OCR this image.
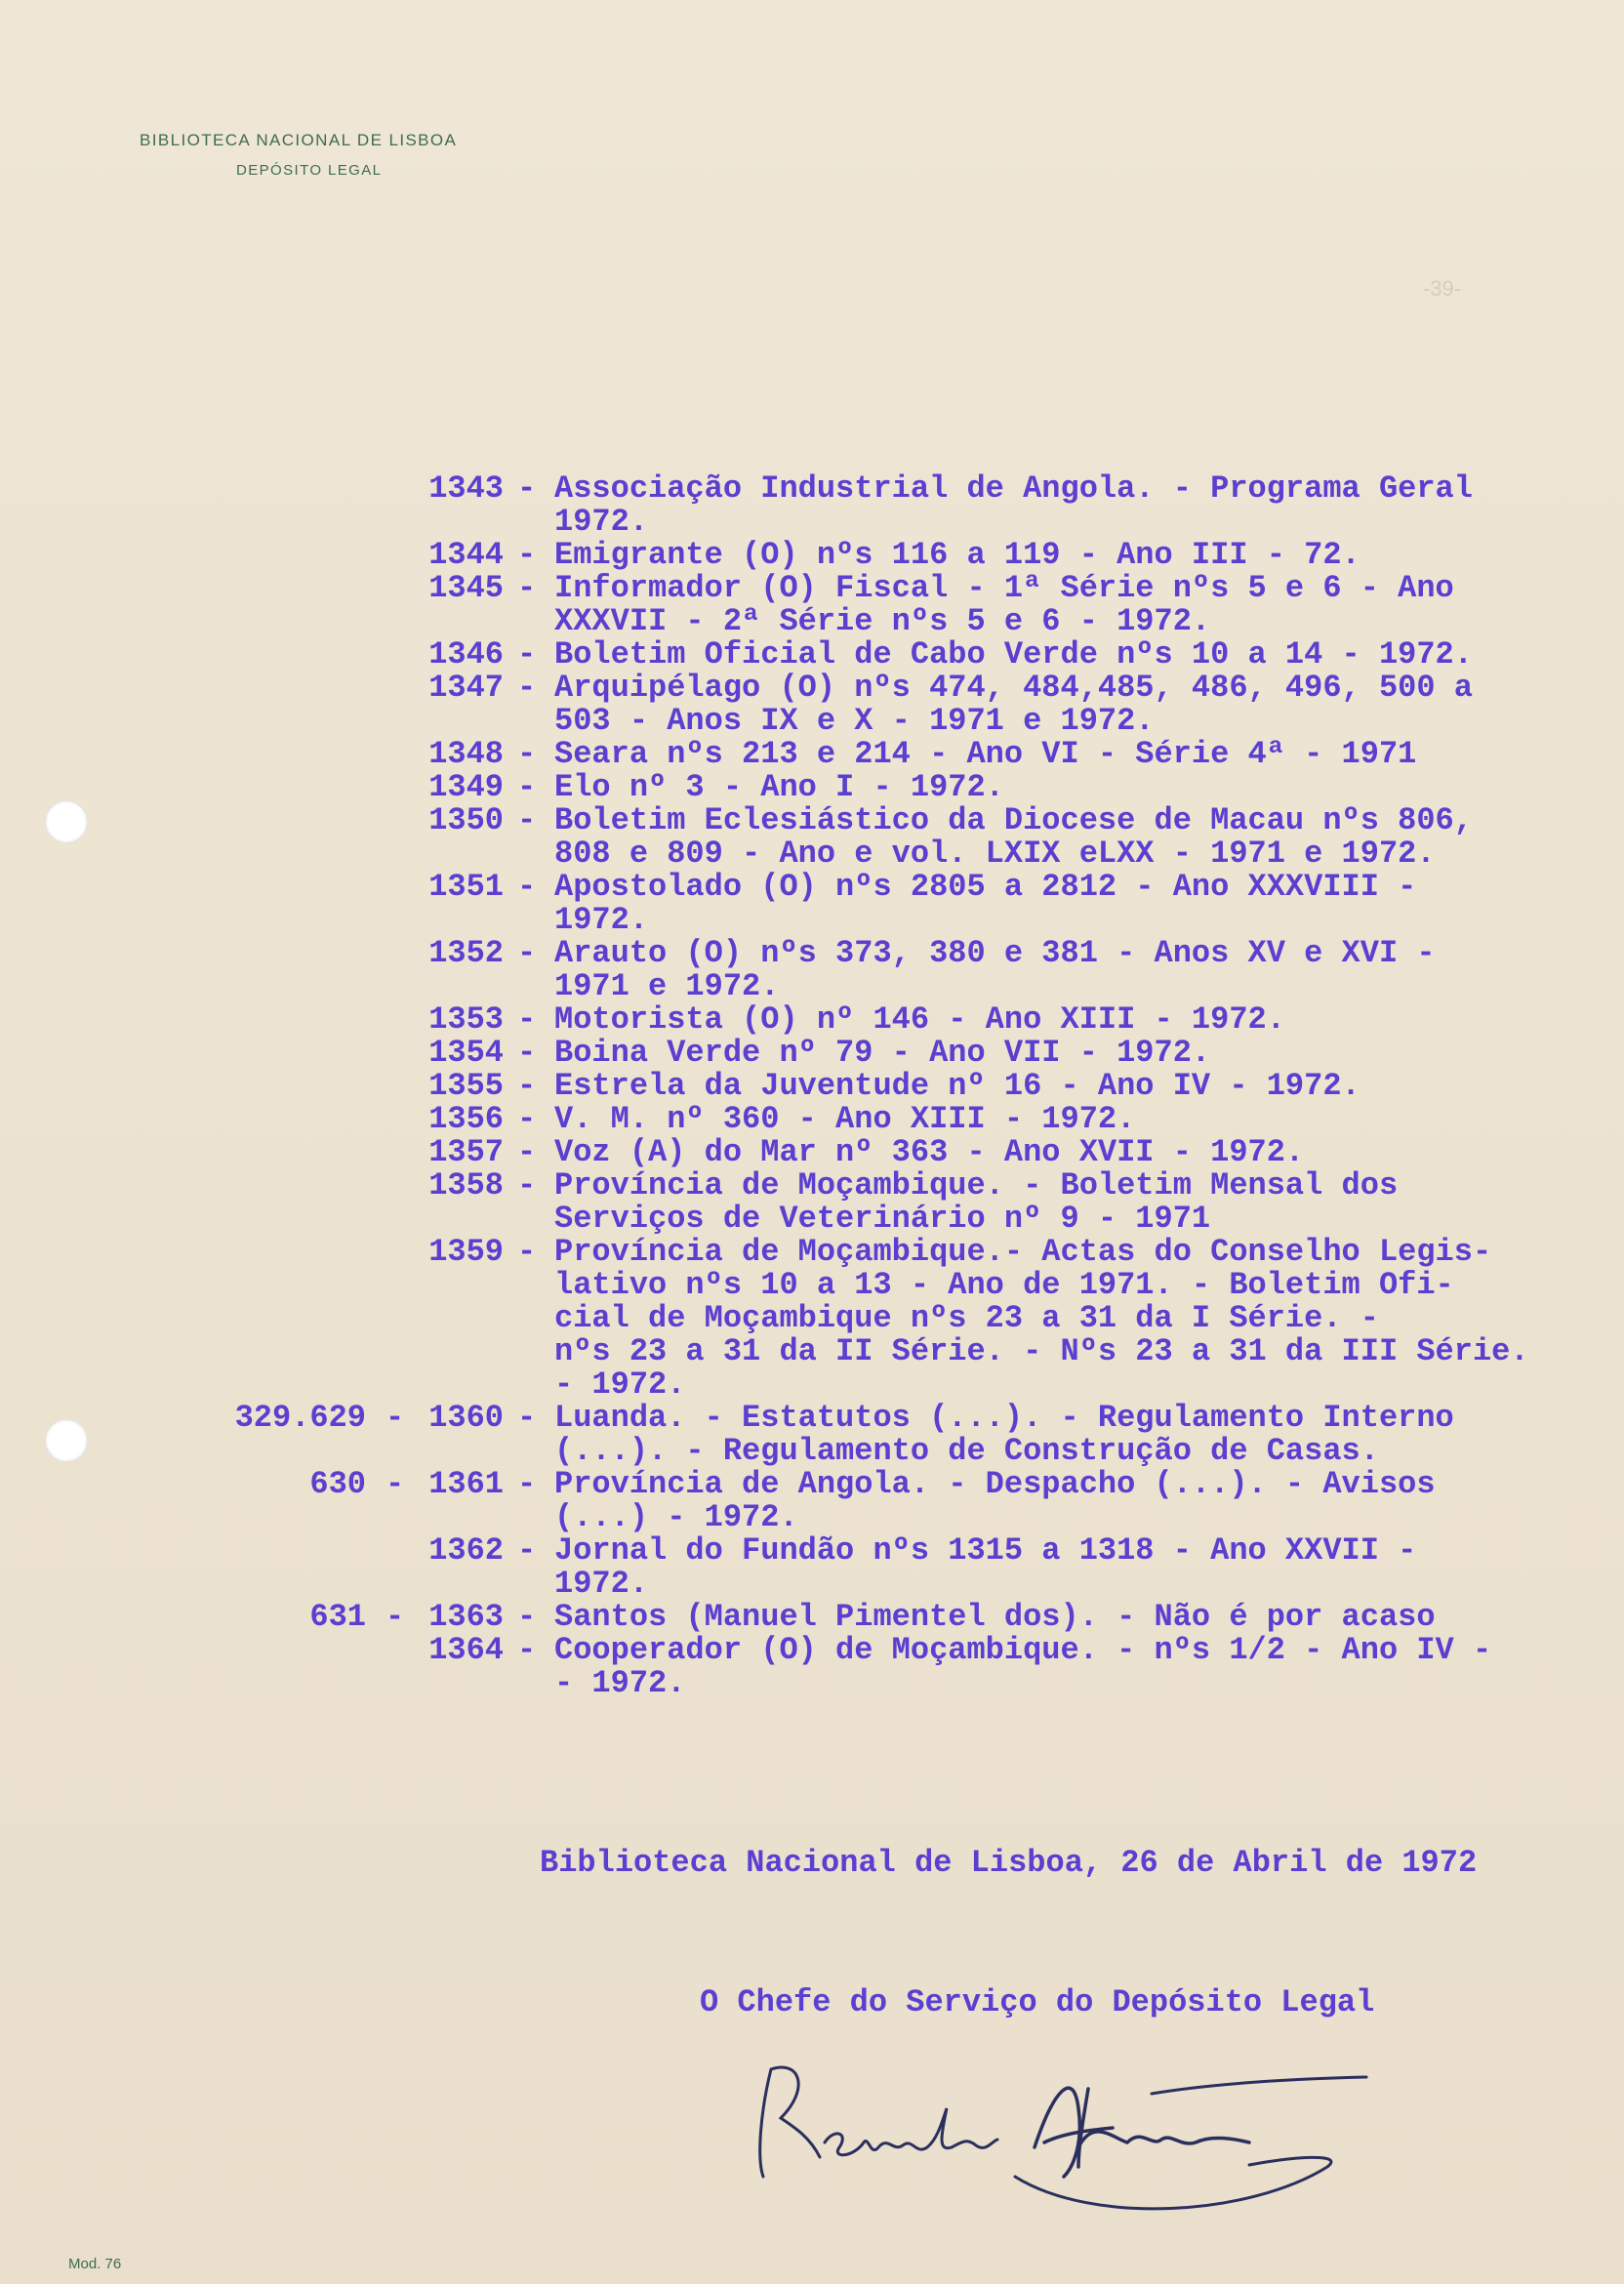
BIBLIOTECA NACIONAL DE LISBOA
DEPÓSITO LEGAL
-39-
1343 - Associação Industrial de Angola. - Programa Geral
1972.
1344 - Emigrante (O) nºs 116 a 119 - Ano III - 72.
1345 - Informador (O) Fiscal - 1ª Série nºs 5 e 6 - Ano
XXXVII - 2ª Série nºs 5 e 6 - 1972.
1346 - Boletim Oficial de Cabo Verde nºs 10 a 14 - 1972.
1347 - Arquipélago (O) nºs 474, 484,485, 486, 496, 500 a
503 - Anos IX e X - 1971 e 1972.
1348 - Seara nºs 213 e 214 - Ano VI - Série 4ª - 1971
1349 - Elo nº 3 - Ano I - 1972.
1350 - Boletim Eclesiástico da Diocese de Macau nºs 806,
808 e 809 - Ano e vol. LXIX eLXX - 1971 e 1972.
1351 - Apostolado (O) nºs 2805 a 2812 - Ano XXXVIII -
1972.
1352 - Arauto (O) nºs 373, 380 e 381 - Anos XV e XVI -
1971 e 1972.
1353 - Motorista (O) nº 146 - Ano XIII - 1972.
1354 - Boina Verde nº 79 - Ano VII - 1972.
1355 - Estrela da Juventude nº 16 - Ano IV - 1972.
1356 - V. M. nº 360 - Ano XIII - 1972.
1357 - Voz (A) do Mar nº 363 - Ano XVII - 1972.
1358 - Província de Moçambique. - Boletim Mensal dos
Serviços de Veterinário nº 9 - 1971
1359 - Província de Moçambique.- Actas do Conselho Legis-
lativo nºs 10 a 13 - Ano de 1971. - Boletim Ofi-
cial de Moçambique nºs 23 a 31 da I Série. -
nºs 23 a 31 da II Série. - Nºs 23 a 31 da III Série.
- 1972.
329.629 - 1360 - Luanda. - Estatutos (...). - Regulamento Interno
(...). - Regulamento de Construção de Casas.
630 - 1361 - Província de Angola. - Despacho (...). - Avisos
(...) - 1972.
1362 - Jornal do Fundão nºs 1315 a 1318 - Ano XXVII -
1972.
631 - 1363 - Santos (Manuel Pimentel dos). - Não é por acaso
1364 - Cooperador (O) de Moçambique. - nºs 1/2 - Ano IV -
- 1972.
Biblioteca Nacional de Lisboa, 26 de Abril de 1972
O Chefe do Serviço do Depósito Legal
Mod. 76
